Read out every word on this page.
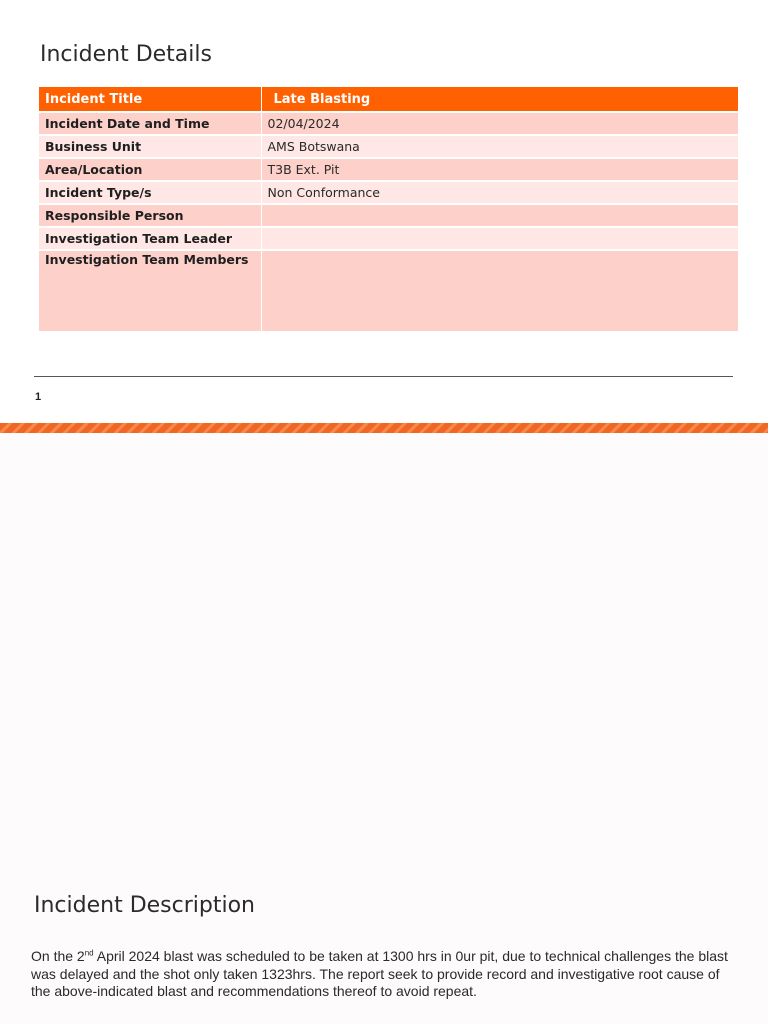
Incident Details
Incident Title	Late Blasting
Incident Date and Time	02/04/2024
Business Unit	AMS Botswana
Area/Location	T3B Ext. Pit
Incident Type/s	Non Conformance
Responsible Person	
Investigation Team Leader	
Investigation Team Members	
1
Incident Description

On the 2nd April 2024 blast was scheduled to be taken at 1300 hrs in 0ur pit, due to technical challenges the blast was delayed and the shot only taken 1323hrs. The report seek to provide record and investigative root cause of the above-indicated blast and recommendations thereof to avoid repeat.
